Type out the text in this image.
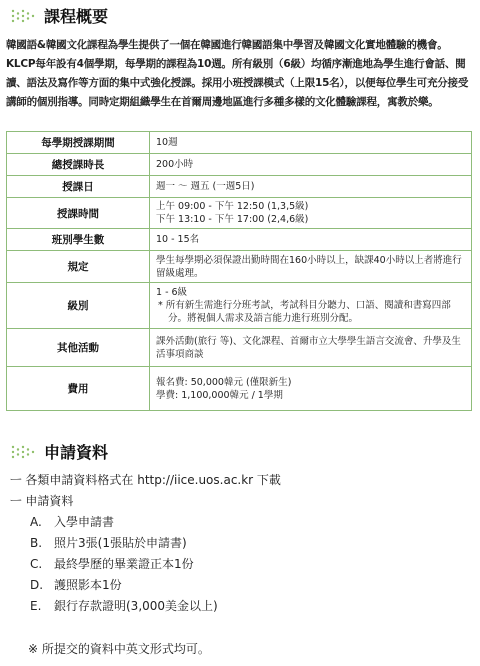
課程概要
韓國語&韓國文化課程為學生提供了一個在韓國進行韓國語集中學習及韓國文化實地體驗的機會。KLCP每年設有4個學期，每學期的課程為10週。所有級別（6級）均循序漸進地為學生進行會話、閱讀、語法及寫作等方面的集中式強化授課。採用小班授課模式（上限15名），以便每位學生可充分接受講師的個別指導。同時定期組織學生在首爾周邊地區進行多種多樣的文化體驗課程，寓教於樂。
每學期授課期間	10週

總授課時長	200小時

授課日	週一 ～ 週五 (一週5日)

授課時間	上午 09:00 - 下午 12:50 (1,3,5級)
下午 13:10 - 下午 17:00 (2,4,6級)

班別學生數	10 - 15名

規定	學生每學期必須保證出勤時間在160小時以上，缺課40小時以上者將進行留級處理。

級別	1 - 6級
* 所有新生需進行分班考試，考試科目分聽力、口語、閱讀和書寫四部分。將視個人需求及語言能力進行班別分配。

其他活動	課外活動(旅行 等)、文化課程、首爾市立大學學生語言交流會、升學及生活事項商談

費用	報名費: 50,000韓元 (僅限新生)
學費: 1,100,000韓元 / 1學期
申請資料
ㅡ 各類申請資料格式在 http://iice.uos.ac.kr 下載
ㅡ 申請資料
A. 入學申請書
B. 照片3張(1張貼於申請書)
C. 最終學歷的畢業證正本1份
D. 護照影本1份
E. 銀行存款證明(3,000美金以上)
※ 所提交的資料中英文形式均可。
